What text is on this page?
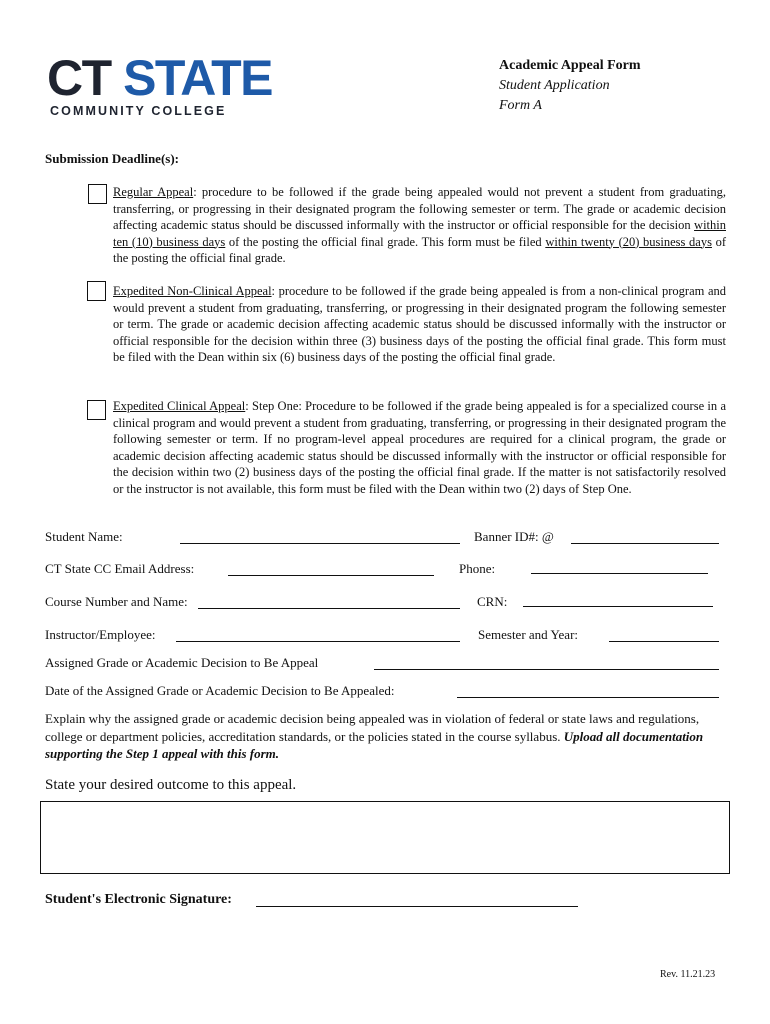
CT STATE
COMMUNITY COLLEGE
Academic Appeal Form
Student Application
Form A
Submission Deadline(s):
Regular Appeal: procedure to be followed if the grade being appealed would not prevent a student from graduating, transferring, or progressing in their designated program the following semester or term. The grade or academic decision affecting academic status should be discussed informally with the instructor or official responsible for the decision within ten (10) business days of the posting the official final grade. This form must be filed within twenty (20) business days of the posting the official final grade.
Expedited Non-Clinical Appeal: procedure to be followed if the grade being appealed is from a non-clinical program and would prevent a student from graduating, transferring, or progressing in their designated program the following semester or term. The grade or academic decision affecting academic status should be discussed informally with the instructor or official responsible for the decision within three (3) business days of the posting the official final grade. This form must be filed with the Dean within six (6) business days of the posting the official final grade.
Expedited Clinical Appeal: Step One: Procedure to be followed if the grade being appealed is for a specialized course in a clinical program and would prevent a student from graduating, transferring, or progressing in their designated program the following semester or term. If no program-level appeal procedures are required for a clinical program, the grade or academic decision affecting academic status should be discussed informally with the instructor or official responsible for the decision within two (2) business days of the posting the official final grade. If the matter is not satisfactorily resolved or the instructor is not available, this form must be filed with the Dean within two (2) days of Step One.
Student Name:	Banner ID#: @
CT State CC Email Address:	Phone:
Course Number and Name:	CRN:
Instructor/Employee:	Semester and Year:
Assigned Grade or Academic Decision to Be Appeal
Date of the Assigned Grade or Academic Decision to Be Appealed:
Explain why the assigned grade or academic decision being appealed was in violation of federal or state laws and regulations, college or department policies, accreditation standards, or the policies stated in the course syllabus. Upload all documentation supporting the Step 1 appeal with this form.
State your desired outcome to this appeal.
Student's Electronic Signature:
Rev. 11.21.23
